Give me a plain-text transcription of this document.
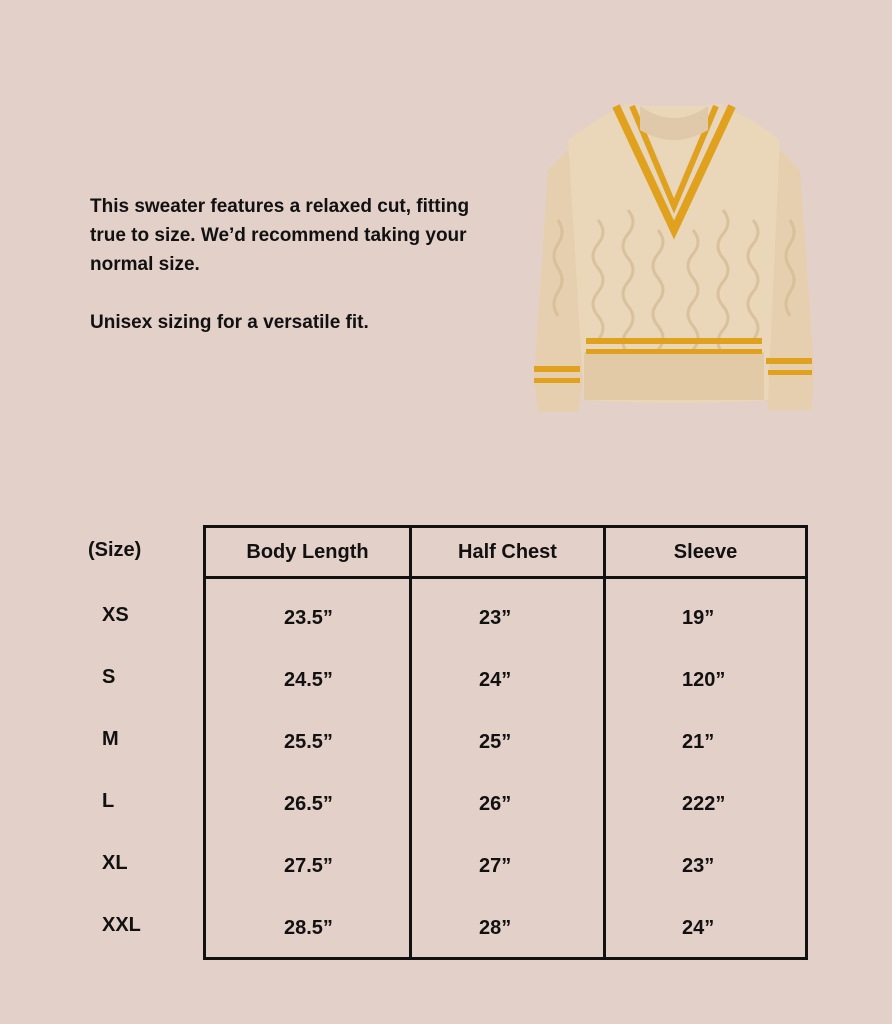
This sweater features a relaxed cut, fitting true to size. We’d recommend taking your normal size.

Unisex sizing for a versatile fit.

(Size)
XS
S
M
L
XL
XXL
Body Length	Half Chest	Sleeve
23.5”
24.5”
25.5”
26.5”
27.5”
28.5”
23”
24”
25”
26”
27”
28”
19”
120”
21”
222”
23”
24”
